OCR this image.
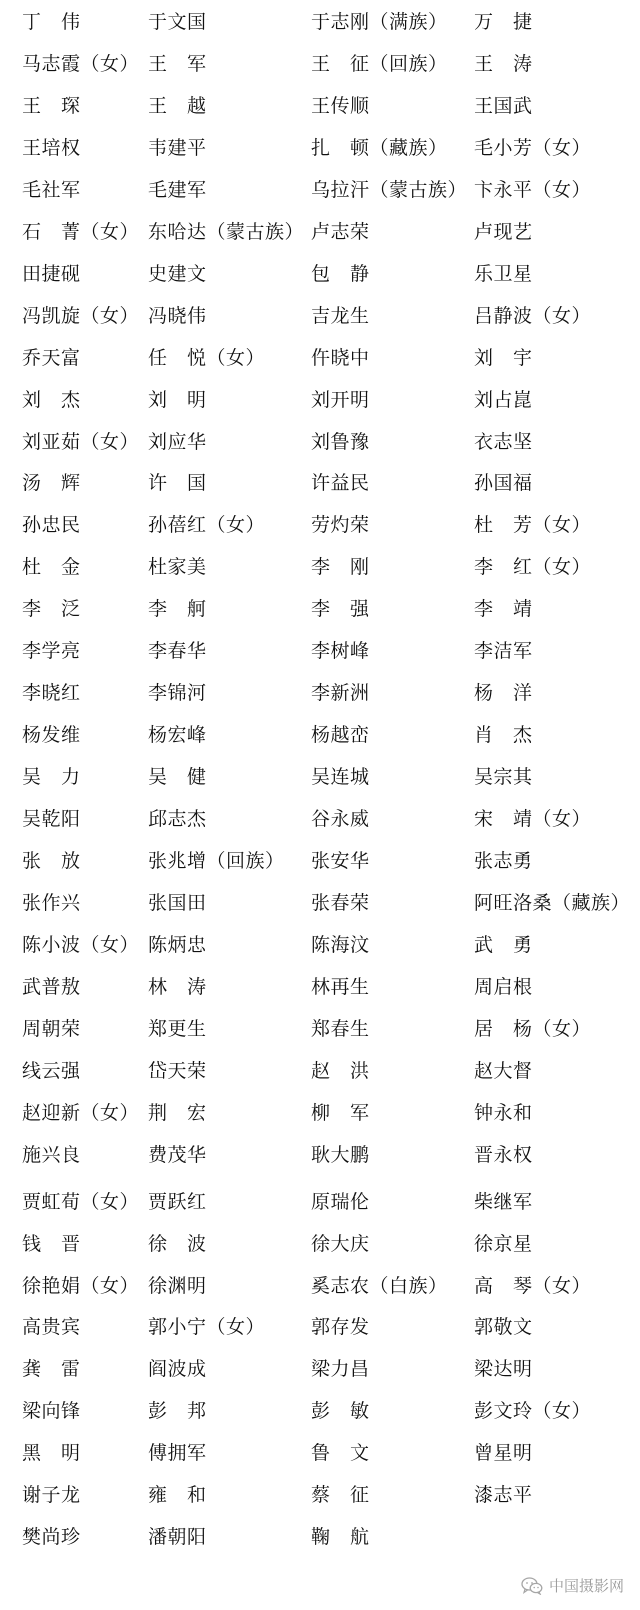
丁　伟	于文国	于志刚（满族） 万　捷
马志霞（女） 王　军	王　征（回族） 王　涛
王　琛	王　越	王传顺	王国武
王培权	韦建平	扎　顿（藏族） 毛小芳（女）
毛社军	毛建军	乌拉汗（蒙古族） 卞永平（女）
石　菁（女） 东哈达（蒙古族） 卢志荣	卢现艺
田捷砚	史建文	包　静	乐卫星
冯凯旋（女） 冯晓伟	吉龙生	吕静波（女）
乔天富	任　悦（女） 仵晓中	刘　宇
刘　杰	刘　明	刘开明	刘占崑
刘亚茹（女） 刘应华	刘鲁豫	衣志坚
汤　辉	许　国	许益民	孙国福
孙忠民	孙蓓红（女） 劳灼荣	杜　芳（女）
杜　金	杜家美	李　刚	李　红（女）
李　泛	李　舸	李　强	李　靖
李学亮	李春华	李树峰	李洁军
李晓红	李锦河	李新洲	杨　洋
杨发维	杨宏峰	杨越峦	肖　杰
吴　力	吴　健	吴连城	吴宗其
吴乾阳	邱志杰	谷永威	宋　靖（女）
张　放	张兆增（回族） 张安华	张志勇
张作兴	张国田	张春荣	阿旺洛桑（藏族）
陈小波（女） 陈炳忠	陈海汶	武　勇
武普敖	林　涛	林再生	周启根
周朝荣	郑更生	郑春生	居　杨（女）
线云强	岱天荣	赵　洪	赵大督
赵迎新（女） 荆　宏	柳　军	钟永和
施兴良	费茂华	耿大鹏	晋永权
贾虹荀（女） 贾跃红	原瑞伦	柴继军
钱　晋	徐　波	徐大庆	徐京星
徐艳娟（女） 徐渊明	奚志农（白族） 高　琴（女）
高贵宾	郭小宁（女） 郭存发	郭敬文
龚　雷	阎波成	梁力昌	梁达明
梁向锋	彭　邦	彭　敏	彭文玲（女）
黑　明	傅拥军	鲁　文	曾星明
谢子龙	雍　和	蔡　征	漆志平
樊尚珍	潘朝阳	鞠　航
中国摄影网
